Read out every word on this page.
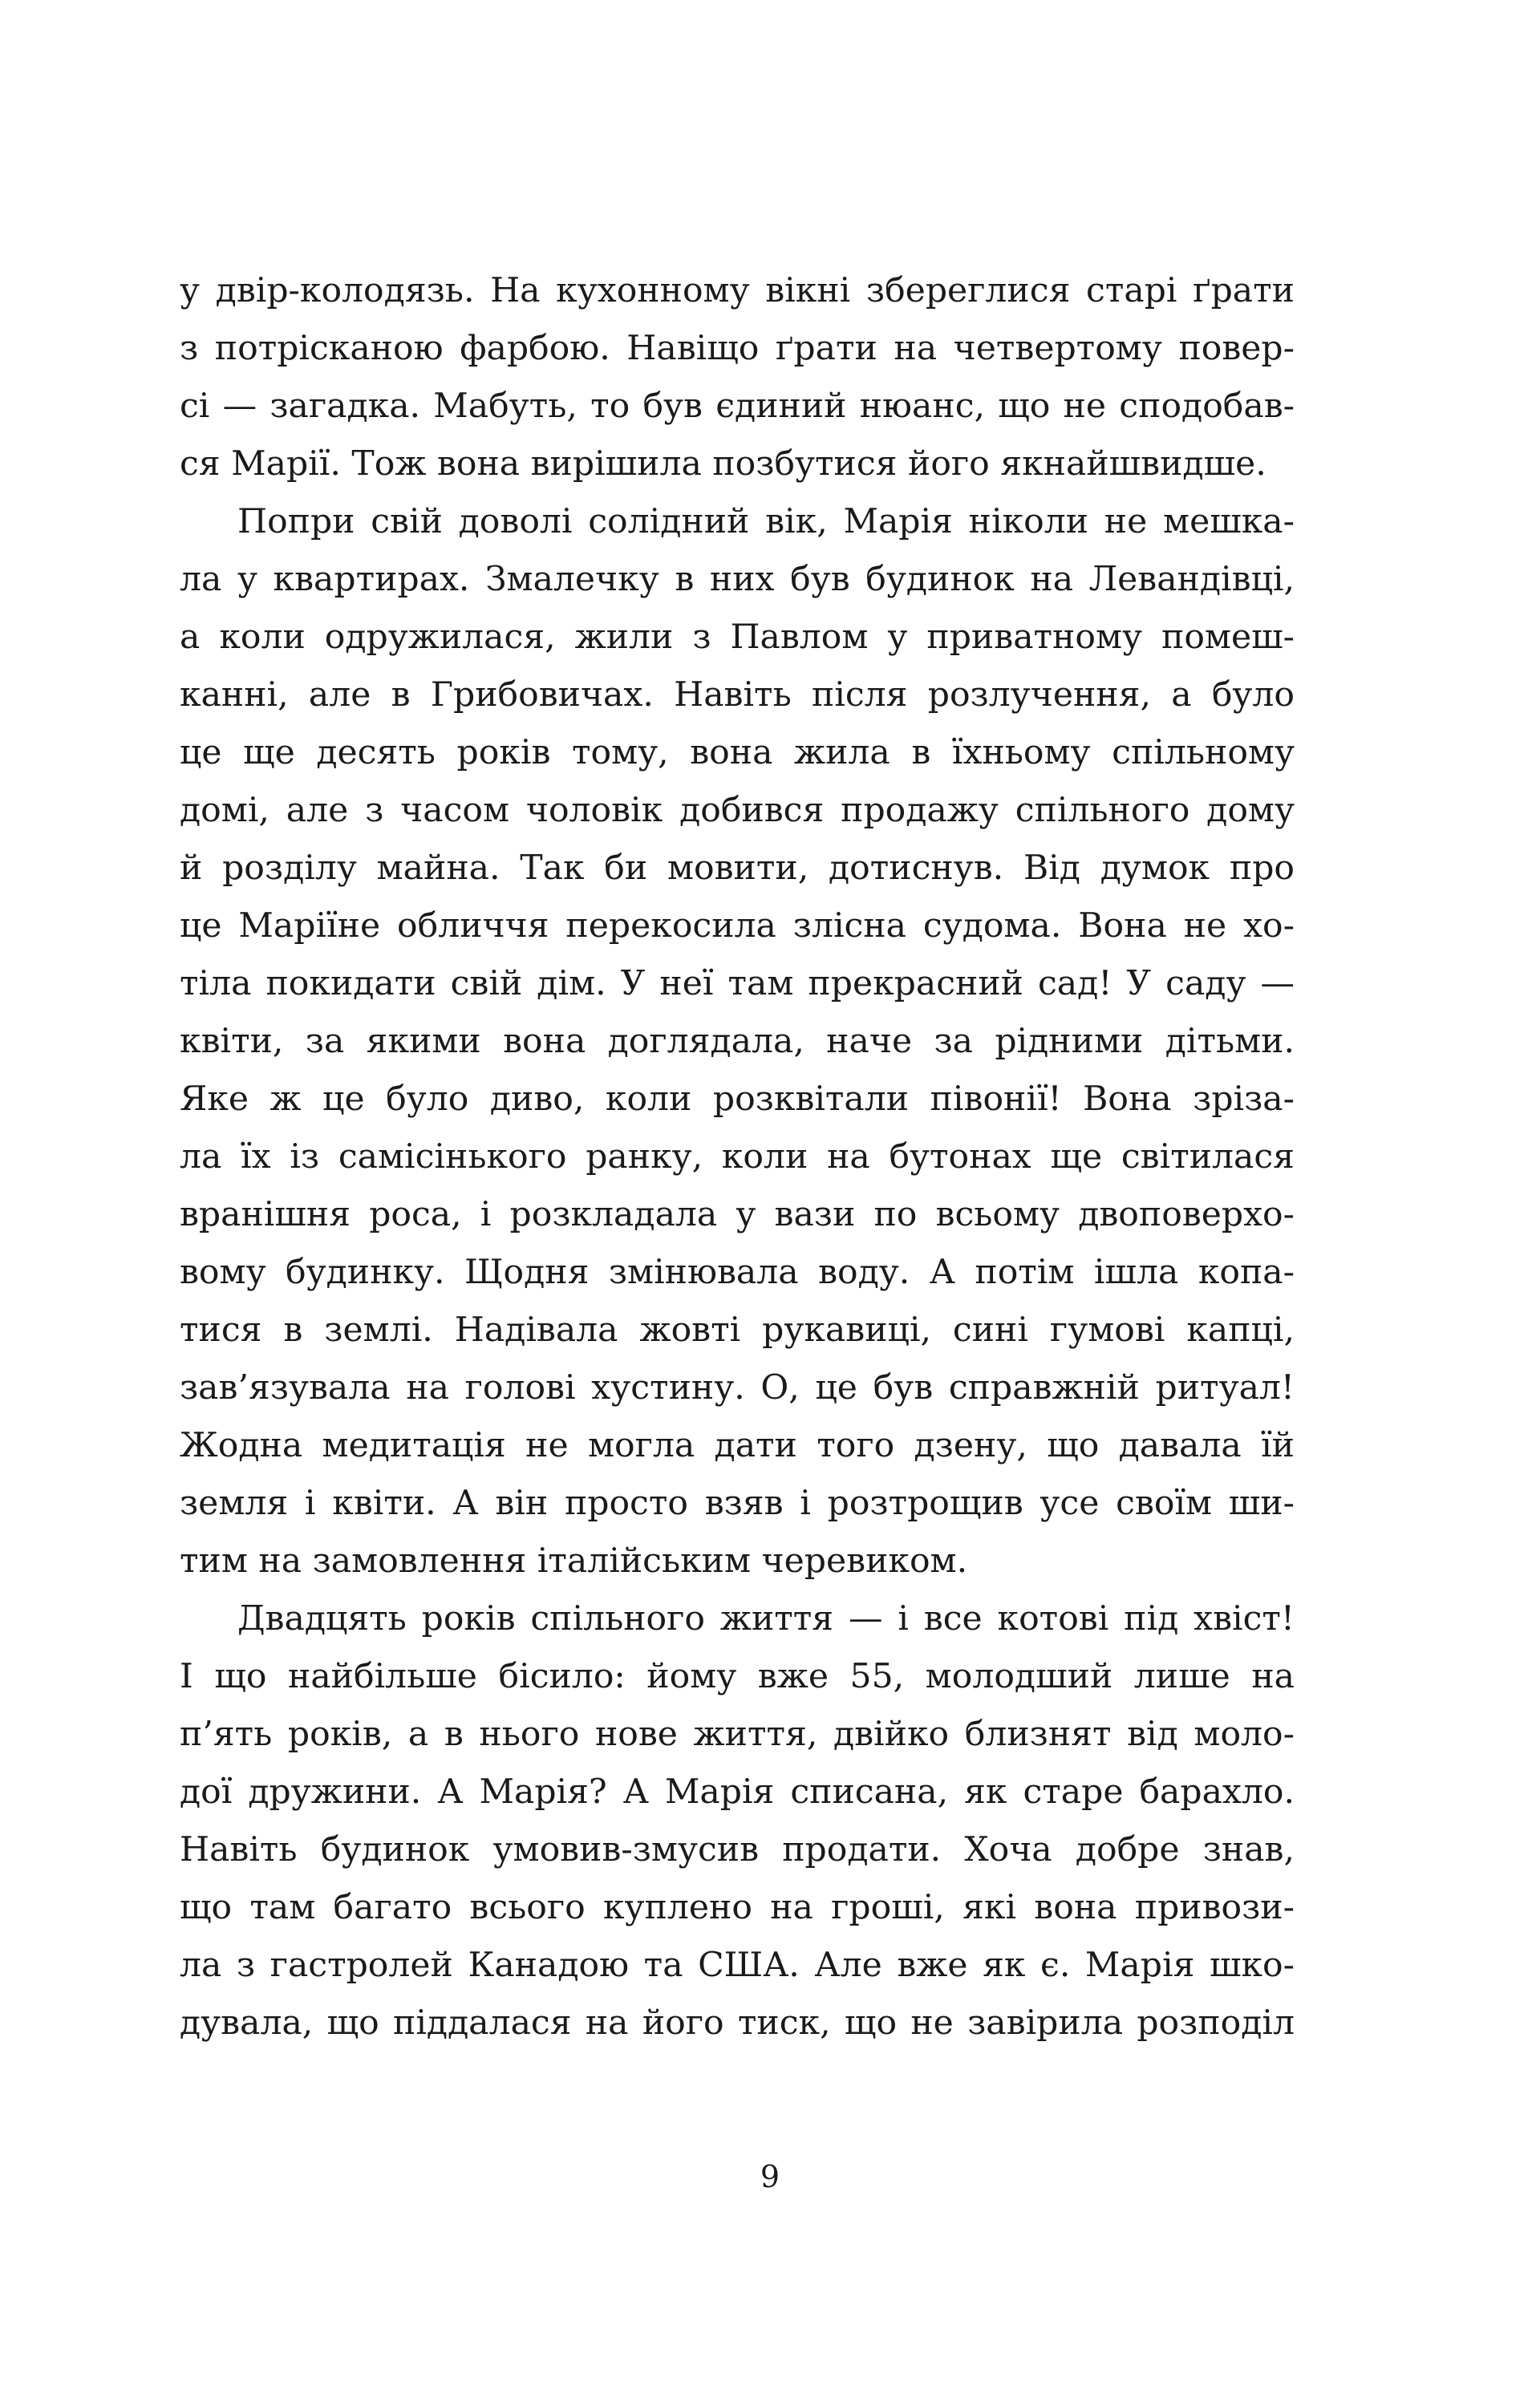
у двір-колодязь. На кухонному вікні збереглися старі ґрати
з потрісканою фарбою. Навіщо ґрати на четвертому повер-
сі — загадка. Мабуть, то був єдиний нюанс, що не сподобав-
ся Марії. Тож вона вирішила позбутися його якнайшвидше.
Попри свій доволі солідний вік, Марія ніколи не мешка-
ла у квартирах. Змалечку в них був будинок на Левандівці,
а коли одружилася, жили з Павлом у приватному помеш-
канні, але в Грибовичах. Навіть після розлучення, а було
це ще десять років тому, вона жила в їхньому спільному
домі, але з часом чоловік добився продажу спільного дому
й розділу майна. Так би мовити, дотиснув. Від думок про
це Маріїне обличчя перекосила злісна судома. Вона не хо-
тіла покидати свій дім. У неї там прекрасний сад! У саду —
квіти, за якими вона доглядала, наче за рідними дітьми.
Яке ж це було диво, коли розквітали півонії! Вона зріза-
ла їх із самісінького ранку, коли на бутонах ще світилася
вранішня роса, і розкладала у вази по всьому двоповерхо-
вому будинку. Щодня змінювала воду. А потім ішла копа-
тися в землі. Надівала жовті рукавиці, сині гумові капці,
зав’язувала на голові хустину. О, це був справжній ритуал!
Жодна медитація не могла дати того дзену, що давала їй
земля і квіти. А він просто взяв і розтрощив усе своїм ши-
тим на замовлення італійським черевиком.
Двадцять років спільного життя — і все котові під хвіст!
І що найбільше бісило: йому вже 55, молодший лише на
п’ять років, а в нього нове життя, двійко близнят від моло-
дої дружини. А Марія? А Марія списана, як старе барахло.
Навіть будинок умовив-змусив продати. Хоча добре знав,
що там багато всього куплено на гроші, які вона привози-
ла з гастролей Канадою та США. Але вже як є. Марія шко-
дувала, що піддалася на його тиск, що не завірила розподіл
9
